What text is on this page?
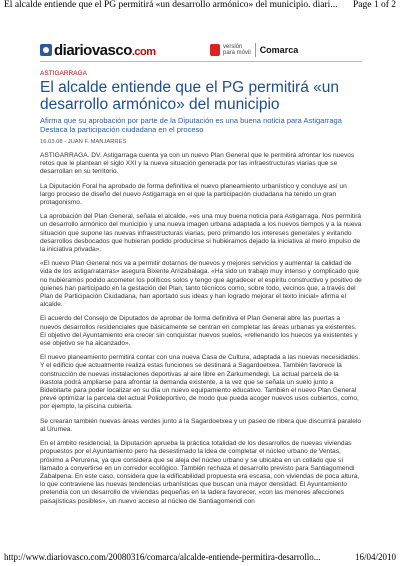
El alcalde entiende que el PG permitirá «un desarrollo armónico» del municipio. diari... Page 1 of 2
diariovasco.com	versión
para móvil Comarca

ASTIGARRAGA

El alcalde entiende que el PG permitirá «un desarrollo armónico» del municipio

Afirma que su aprobación por parte de la Diputación es una buena noticia para Astigarraga Destaca la participación ciudadana en el proceso

16.03.08 - JUAN F. MANJARRÉS

ASTIGARRAGA. DV. Astigarraga cuenta ya con un nuevo Plan General que le permitirá afrontar los nuevos retos que le plantean el siglo XXI y la nueva situación generada por las infraestructuras viarias que se desarrollan en su territorio.

La Diputación Foral ha aprobado de forma definitiva el nuevo planeamiento urbanístico y concluye así un largo proceso de diseño del nuevo Astigarraga en el que la participación ciudadana ha tenido un gran protagonismo.

La aprobación del Plan General, señala el alcalde, «es una muy buena noticia para Astigarraga. Nos permitirá un desarrollo armónico del municipio y una nueva imagen urbana adaptada a los nuevos tiempos y a la nueva situación que supone las nuevas infraestructuras viarias, pero primando los intereses generales y evitando desarrollos desbocados que hubieran podido producirse si hubiéramos dejado la iniciativa al mero impulso de la iniciativa privada».

«El nuevo Plan General nos va a permitir dotarnos de nuevos y mejores servicios y aumentar la calidad de vida de los astigarratarras» asegura Bixente Arrizabalaga. «Ha sido un trabajo muy intenso y complicado que no hubiéramos podido acometer los políticos solos y tengo que agradecer el espíritu constructivo y positivo de quienes han participado en la gestación del Plan, tanto técnicos como, sobre todo, vecinos que, a través del Plan de Participación Ciudadana, han aportado sus ideas y han logrado mejorar el texto inicial» afirma el alcalde.

El acuerdo del Consejo de Diputados de aprobar de forma definitiva el Plan General abre las puertas a nuevos desarrollos residenciales que básicamente se centran en completar las áreas urbanas ya existentes. El objetivo del Ayuntamiento era crecer sin conquistar nuevos suelos, «rellenando los huecos ya existentes y ese objetivo se ha alcanzado».

El nuevo planeamiento permitirá contar con una nueva Casa de Cultura, adaptada a las nuevas necesidades. Y el edificio que actualmente realiza estas funciones se destinará a Sagardoetxea. También favorece la construcción de nuevas instalaciones deportivas al aire libre en Zarkumendegi. La actual parcela de la ikastola podrá ampliarse para afrontar la demanda existente, a la vez que se señala un suelo junto a Bidebitarte para poder localizar en su día un nuevo equipamiento educativo. También el nuevo Plan General prevé optimizar la parcela del actual Polideportivo, de modo que pueda acoger nuevos usos cubiertos, como, por ejemplo, la piscina cubierta.

Se crearán también nuevas áreas verdes junto a la Sagardoetxea y un paseo de ribera que discurrirá paralelo al Urumea.

En el ámbito residencial, la Diputación aprueba la práctica totalidad de los desarrollos de nuevas viviendas propuestos por el Ayuntamiento pero ha desestimado la idea de completar el núcleo urbano de Ventas, próximo a Perurena, ya que considera que se aleja del núcleo urbano y se ubicaba en un collado que sí llamado a convertirse en un corredor ecológico. También rechaza el desarrollo previsto para Santiagomendi Zabalpena. En este caso, considera que la edificabilidad propuesta era escasa, con viviendas de poca altura, lo que contraviene las nuevas tendencias urbanísticas que buscan una mayor densidad. El Ayuntamiento pretendía con un desarrollo de viviendas pequeñas en la ladera favorecer, «con las menores afecciones paisajísticas posibles», un nuevo acceso al núcleo de Santiagomendi con

http://www.diariovasco.com/20080316/comarca/alcalde-entiende-permitira-desarrollo...	16/04/2010
